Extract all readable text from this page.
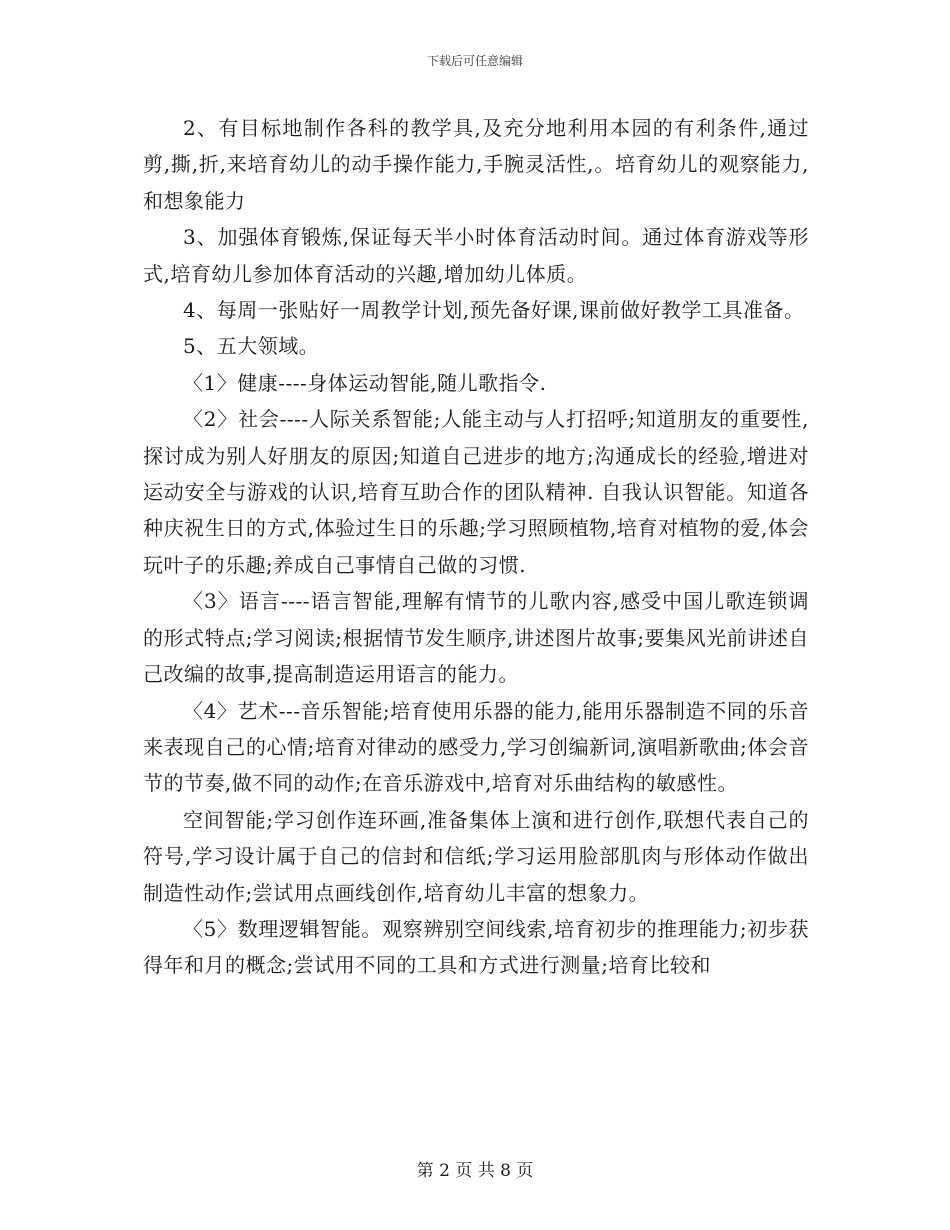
下载后可任意编辑

2、有目标地制作各科的教学具,及充分地利用本园的有利条件,通过剪,撕,折,来培育幼儿的动手操作能力,手腕灵活性,。培育幼儿的观察能力,和想象能力

3、加强体育锻炼,保证每天半小时体育活动时间。通过体育游戏等形式,培育幼儿参加体育活动的兴趣,增加幼儿体质。

4、每周一张贴好一周教学计划,预先备好课,课前做好教学工具准备。

5、五大领域。

〈1〉健康----身体运动智能,随儿歌指令.

〈2〉社会----人际关系智能;人能主动与人打招呼;知道朋友的重要性,探讨成为别人好朋友的原因;知道自己进步的地方;沟通成长的经验,增进对运动安全与游戏的认识,培育互助合作的团队精神. 自我认识智能。知道各种庆祝生日的方式,体验过生日的乐趣;学习照顾植物,培育对植物的爱,体会玩叶子的乐趣;养成自己事情自己做的习惯.

〈3〉语言----语言智能,理解有情节的儿歌内容,感受中国儿歌连锁调的形式特点;学习阅读;根据情节发生顺序,讲述图片故事;要集风光前讲述自己改编的故事,提高制造运用语言的能力。

〈4〉艺术---音乐智能;培育使用乐器的能力,能用乐器制造不同的乐音来表现自己的心情;培育对律动的感受力,学习创编新词,演唱新歌曲;体会音节的节奏,做不同的动作;在音乐游戏中,培育对乐曲结构的敏感性。

空间智能;学习创作连环画,准备集体上演和进行创作,联想代表自己的符号,学习设计属于自己的信封和信纸;学习运用脸部肌肉与形体动作做出制造性动作;尝试用点画线创作,培育幼儿丰富的想象力。

〈5〉数理逻辑智能。观察辨别空间线索,培育初步的推理能力;初步获得年和月的概念;尝试用不同的工具和方式进行测量;培育比较和

第 2 页 共 8 页
